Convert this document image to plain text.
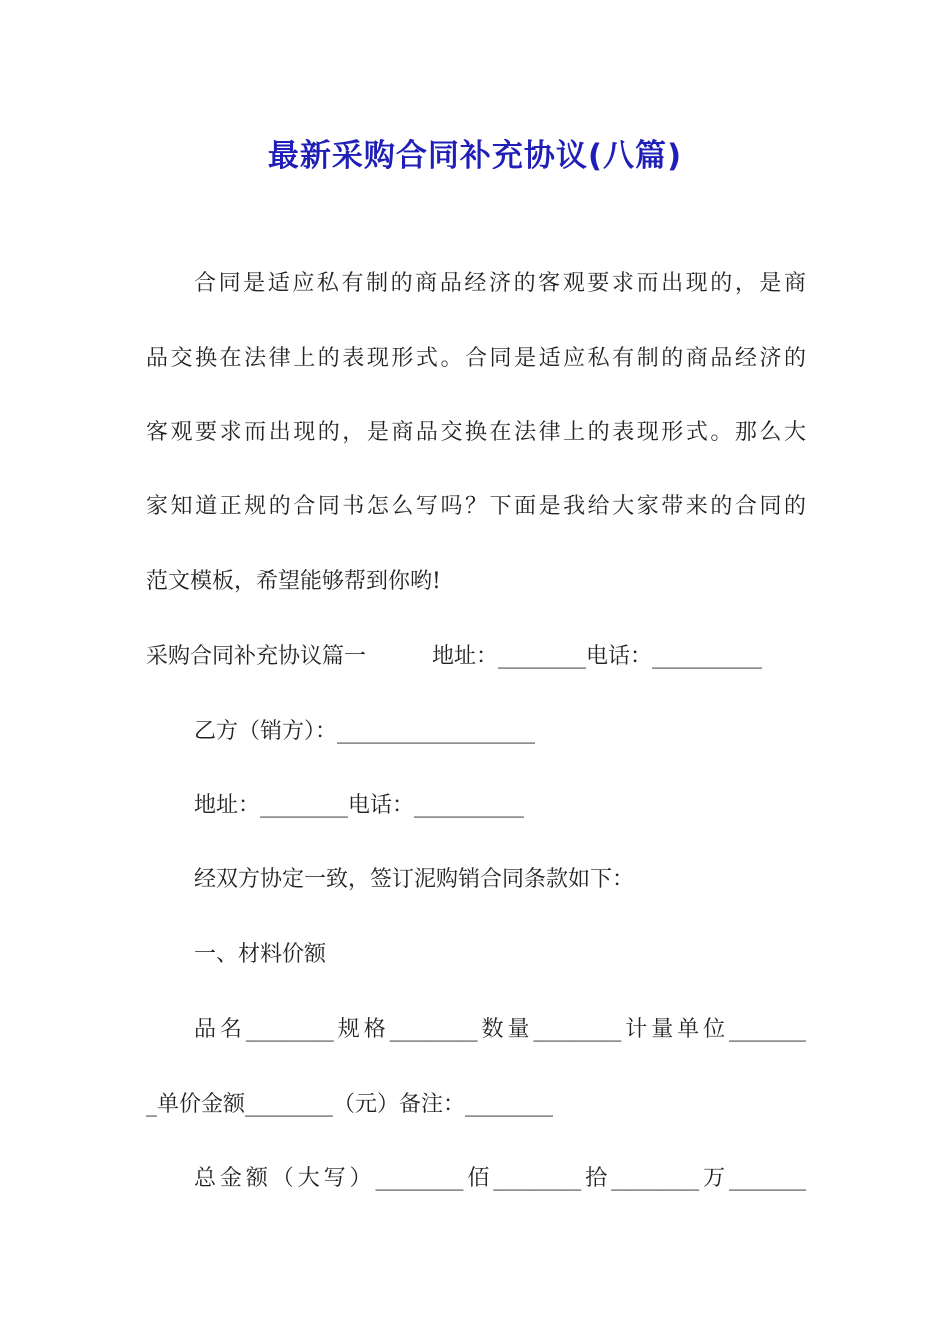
最新采购合同补充协议(八篇)
合同是适应私有制的商品经济的客观要求而出现的，是商
品交换在法律上的表现形式。合同是适应私有制的商品经济的
客观要求而出现的，是商品交换在法律上的表现形式。那么大
家知道正规的合同书怎么写吗？下面是我给大家带来的合同的
范文模板，希望能够帮到你哟!
采购合同补充协议篇一　　　地址：________电话：__________
乙方（销方）：__________________
地址：________电话：__________
经双方协定一致，签订泥购销合同条款如下：
一、材料价额
品名________规格________数量________计量单位_______
_单价金额________（元）备注：________
总金额（大写）________佰________拾________万_______
